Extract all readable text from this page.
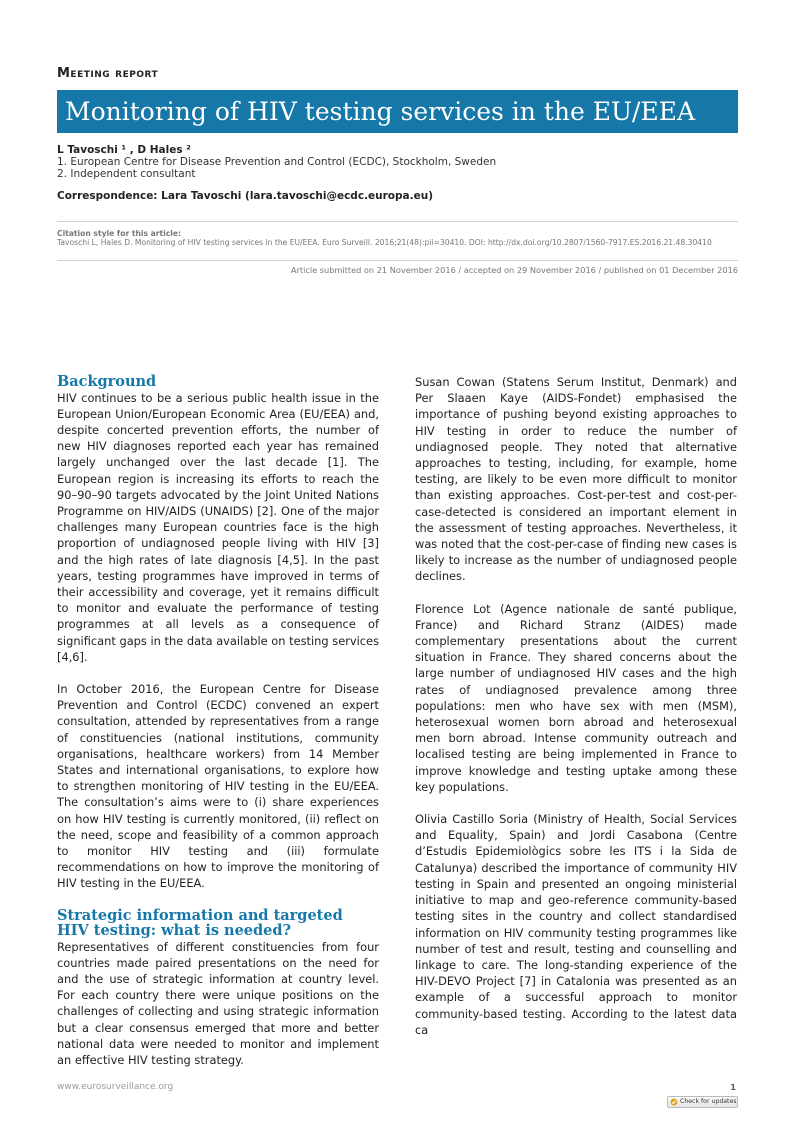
Meeting report
Monitoring of HIV testing services in the EU/EEA
L Tavoschi ¹ , D Hales ²
1. European Centre for Disease Prevention and Control (ECDC), Stockholm, Sweden
2. Independent consultant
Correspondence: Lara Tavoschi (lara.tavoschi@ecdc.europa.eu)
Citation style for this article:
Tavoschi L, Hales D. Monitoring of HIV testing services in the EU/EEA. Euro Surveill. 2016;21(48):pii=30410. DOI: http://dx.doi.org/10.2807/1560-7917.ES.2016.21.48.30410
Article submitted on 21 November 2016 / accepted on 29 November 2016 / published on 01 December 2016
Background

HIV continues to be a serious public health issue in the European Union/European Economic Area (EU/EEA) and, despite concerted prevention efforts, the number of new HIV diagnoses reported each year has remained largely unchanged over the last decade [1]. The European region is increasing its efforts to reach the 90–90–90 targets advocated by the Joint United Nations Programme on HIV/AIDS (UNAIDS) [2]. One of the major challenges many European countries face is the high proportion of undiagnosed people living with HIV [3] and the high rates of late diagnosis [4,5]. In the past years, testing programmes have improved in terms of their accessibility and coverage, yet it remains difficult to monitor and evaluate the performance of testing programmes at all levels as a consequence of significant gaps in the data available on testing services [4,6].

In October 2016, the European Centre for Disease Prevention and Control (ECDC) convened an expert consultation, attended by representatives from a range of constituencies (national institutions, community organisations, healthcare workers) from 14 Member States and international organisations, to explore how to strengthen monitoring of HIV testing in the EU/EEA. The consultation’s aims were to (i) share experiences on how HIV testing is currently monitored, (ii) reflect on the need, scope and feasibility of a common approach to monitor HIV testing and (iii) formulate recommendations on how to improve the monitoring of HIV testing in the EU/EEA.

Strategic information and targeted HIV testing: what is needed?

Representatives of different constituencies from four countries made paired presentations on the need for and the use of strategic information at country level. For each country there were unique positions on the challenges of collecting and using strategic information but a clear consensus emerged that more and better national data were needed to monitor and implement an effective HIV testing strategy.

Susan Cowan (Statens Serum Institut, Denmark) and Per Slaaen Kaye (AIDS-Fondet) emphasised the importance of pushing beyond existing approaches to HIV testing in order to reduce the number of undiagnosed people. They noted that alternative approaches to testing, including, for example, home testing, are likely to be even more difficult to monitor than existing approaches. Cost-per-test and cost-per-case-detected is considered an important element in the assessment of testing approaches. Nevertheless, it was noted that the cost-per-case of finding new cases is likely to increase as the number of undiagnosed people declines.

Florence Lot (Agence nationale de santé publique, France) and Richard Stranz (AIDES) made complementary presentations about the current situation in France. They shared concerns about the large number of undiagnosed HIV cases and the high rates of undiagnosed prevalence among three populations: men who have sex with men (MSM), heterosexual women born abroad and heterosexual men born abroad. Intense community outreach and localised testing are being implemented in France to improve knowledge and testing uptake among these key populations.

Olivia Castillo Soria (Ministry of Health, Social Services and Equality, Spain) and Jordi Casabona (Centre d’Estudis Epidemiològics sobre les ITS i la Sida de Catalunya) described the importance of community HIV testing in Spain and presented an ongoing ministerial initiative to map and geo-reference community-based testing sites in the country and collect standardised information on HIV community testing programmes like number of test and result, testing and counselling and linkage to care. The long-standing experience of the HIV-DEVO Project [7] in Catalonia was presented as an example of a successful approach to monitor community-based testing. According to the latest data ca

www.eurosurveillance.org	1
Check for updates
